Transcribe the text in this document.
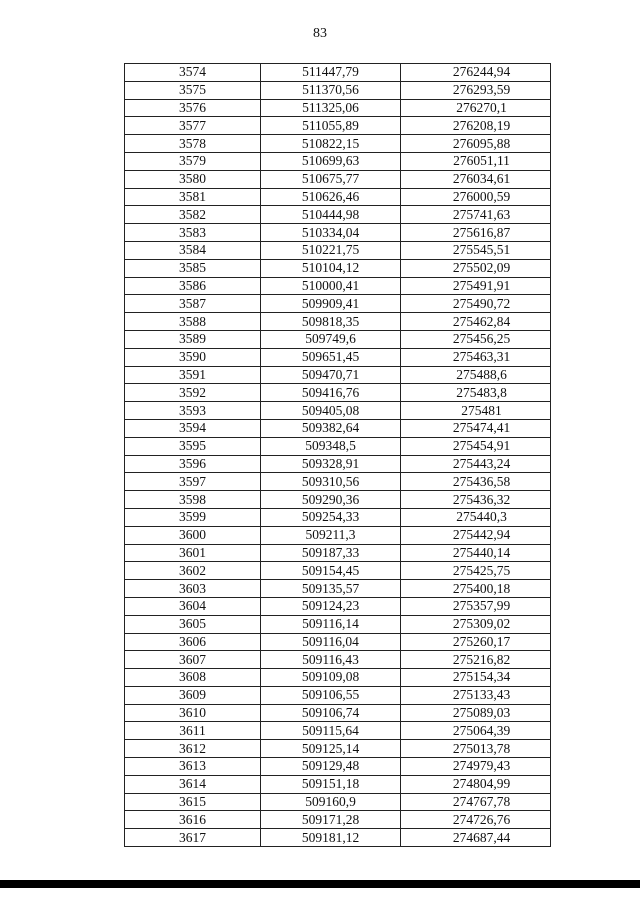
83
3574	511447,79	276244,94
3575	511370,56	276293,59
3576	511325,06	276270,1
3577	511055,89	276208,19
3578	510822,15	276095,88
3579	510699,63	276051,11
3580	510675,77	276034,61
3581	510626,46	276000,59
3582	510444,98	275741,63
3583	510334,04	275616,87
3584	510221,75	275545,51
3585	510104,12	275502,09
3586	510000,41	275491,91
3587	509909,41	275490,72
3588	509818,35	275462,84
3589	509749,6	275456,25
3590	509651,45	275463,31
3591	509470,71	275488,6
3592	509416,76	275483,8
3593	509405,08	275481
3594	509382,64	275474,41
3595	509348,5	275454,91
3596	509328,91	275443,24
3597	509310,56	275436,58
3598	509290,36	275436,32
3599	509254,33	275440,3
3600	509211,3	275442,94
3601	509187,33	275440,14
3602	509154,45	275425,75
3603	509135,57	275400,18
3604	509124,23	275357,99
3605	509116,14	275309,02
3606	509116,04	275260,17
3607	509116,43	275216,82
3608	509109,08	275154,34
3609	509106,55	275133,43
3610	509106,74	275089,03
3611	509115,64	275064,39
3612	509125,14	275013,78
3613	509129,48	274979,43
3614	509151,18	274804,99
3615	509160,9	274767,78
3616	509171,28	274726,76
3617	509181,12	274687,44
